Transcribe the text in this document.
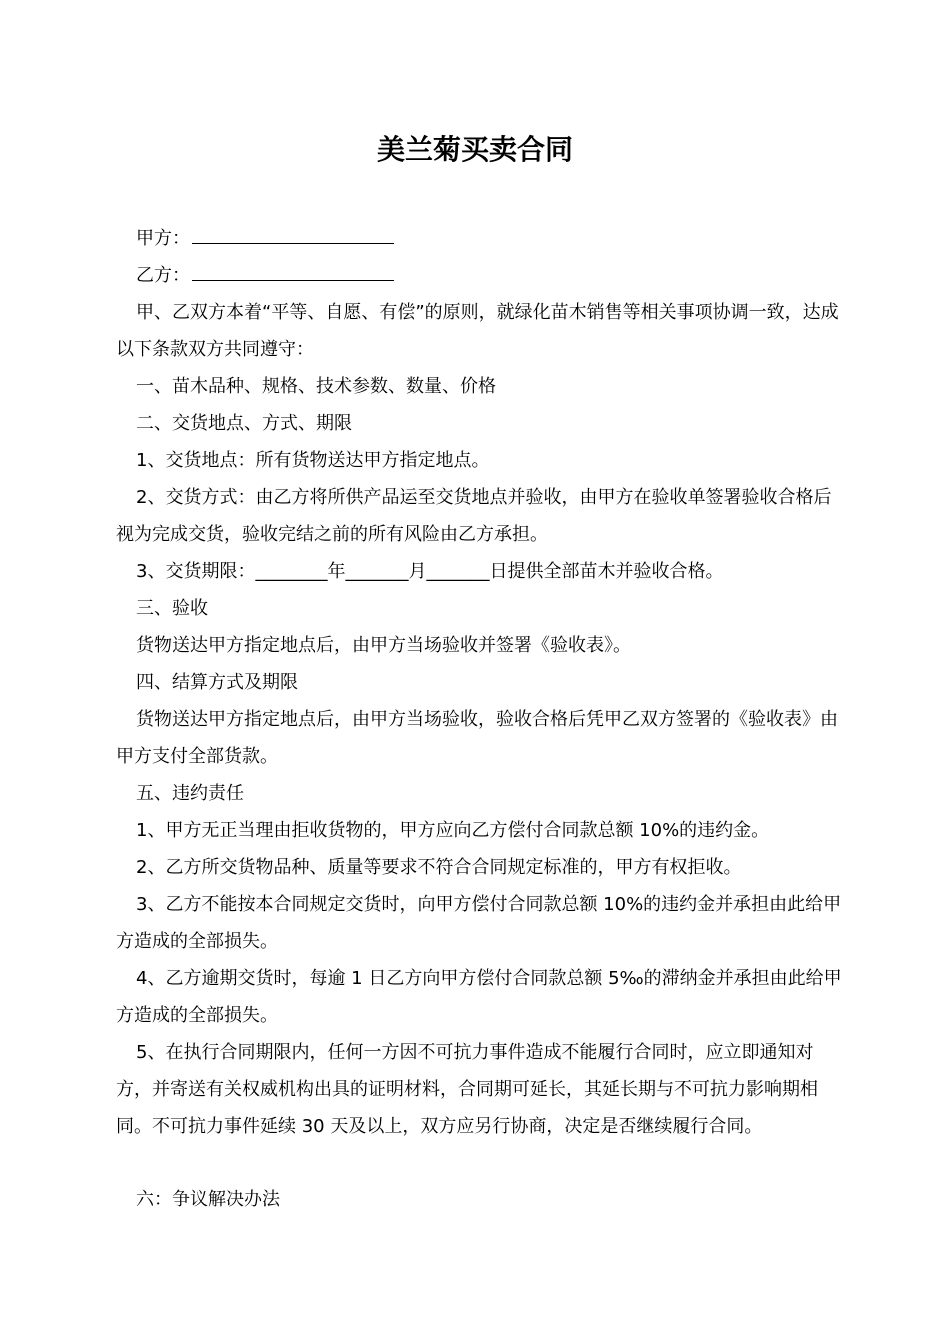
美兰菊买卖合同

甲方：

乙方：

甲、乙双方本着“平等、自愿、有偿”的原则，就绿化苗木销售等相关事项协调一致，达成以下条款双方共同遵守：

一、苗木品种、规格、技术参数、数量、价格

二、交货地点、方式、期限

1、交货地点：所有货物送达甲方指定地点。

2、交货方式：由乙方将所供产品运至交货地点并验收，由甲方在验收单签署验收合格后视为完成交货，验收完结之前的所有风险由乙方承担。

3、交货期限：________年_______月_______日提供全部苗木并验收合格。

三、验收

货物送达甲方指定地点后，由甲方当场验收并签署《验收表》。

四、结算方式及期限

货物送达甲方指定地点后，由甲方当场验收，验收合格后凭甲乙双方签署的《验收表》由甲方支付全部货款。

五、违约责任

1、甲方无正当理由拒收货物的，甲方应向乙方偿付合同款总额 10%的违约金。

2、乙方所交货物品种、质量等要求不符合合同规定标准的，甲方有权拒收。

3、乙方不能按本合同规定交货时，向甲方偿付合同款总额 10%的违约金并承担由此给甲方造成的全部损失。

4、乙方逾期交货时，每逾 1 日乙方向甲方偿付合同款总额 5‰的滞纳金并承担由此给甲方造成的全部损失。

5、在执行合同期限内，任何一方因不可抗力事件造成不能履行合同时，应立即通知对方，并寄送有关权威机构出具的证明材料，合同期可延长，其延长期与不可抗力影响期相同。不可抗力事件延续 30 天及以上，双方应另行协商，决定是否继续履行合同。

六：争议解决办法
